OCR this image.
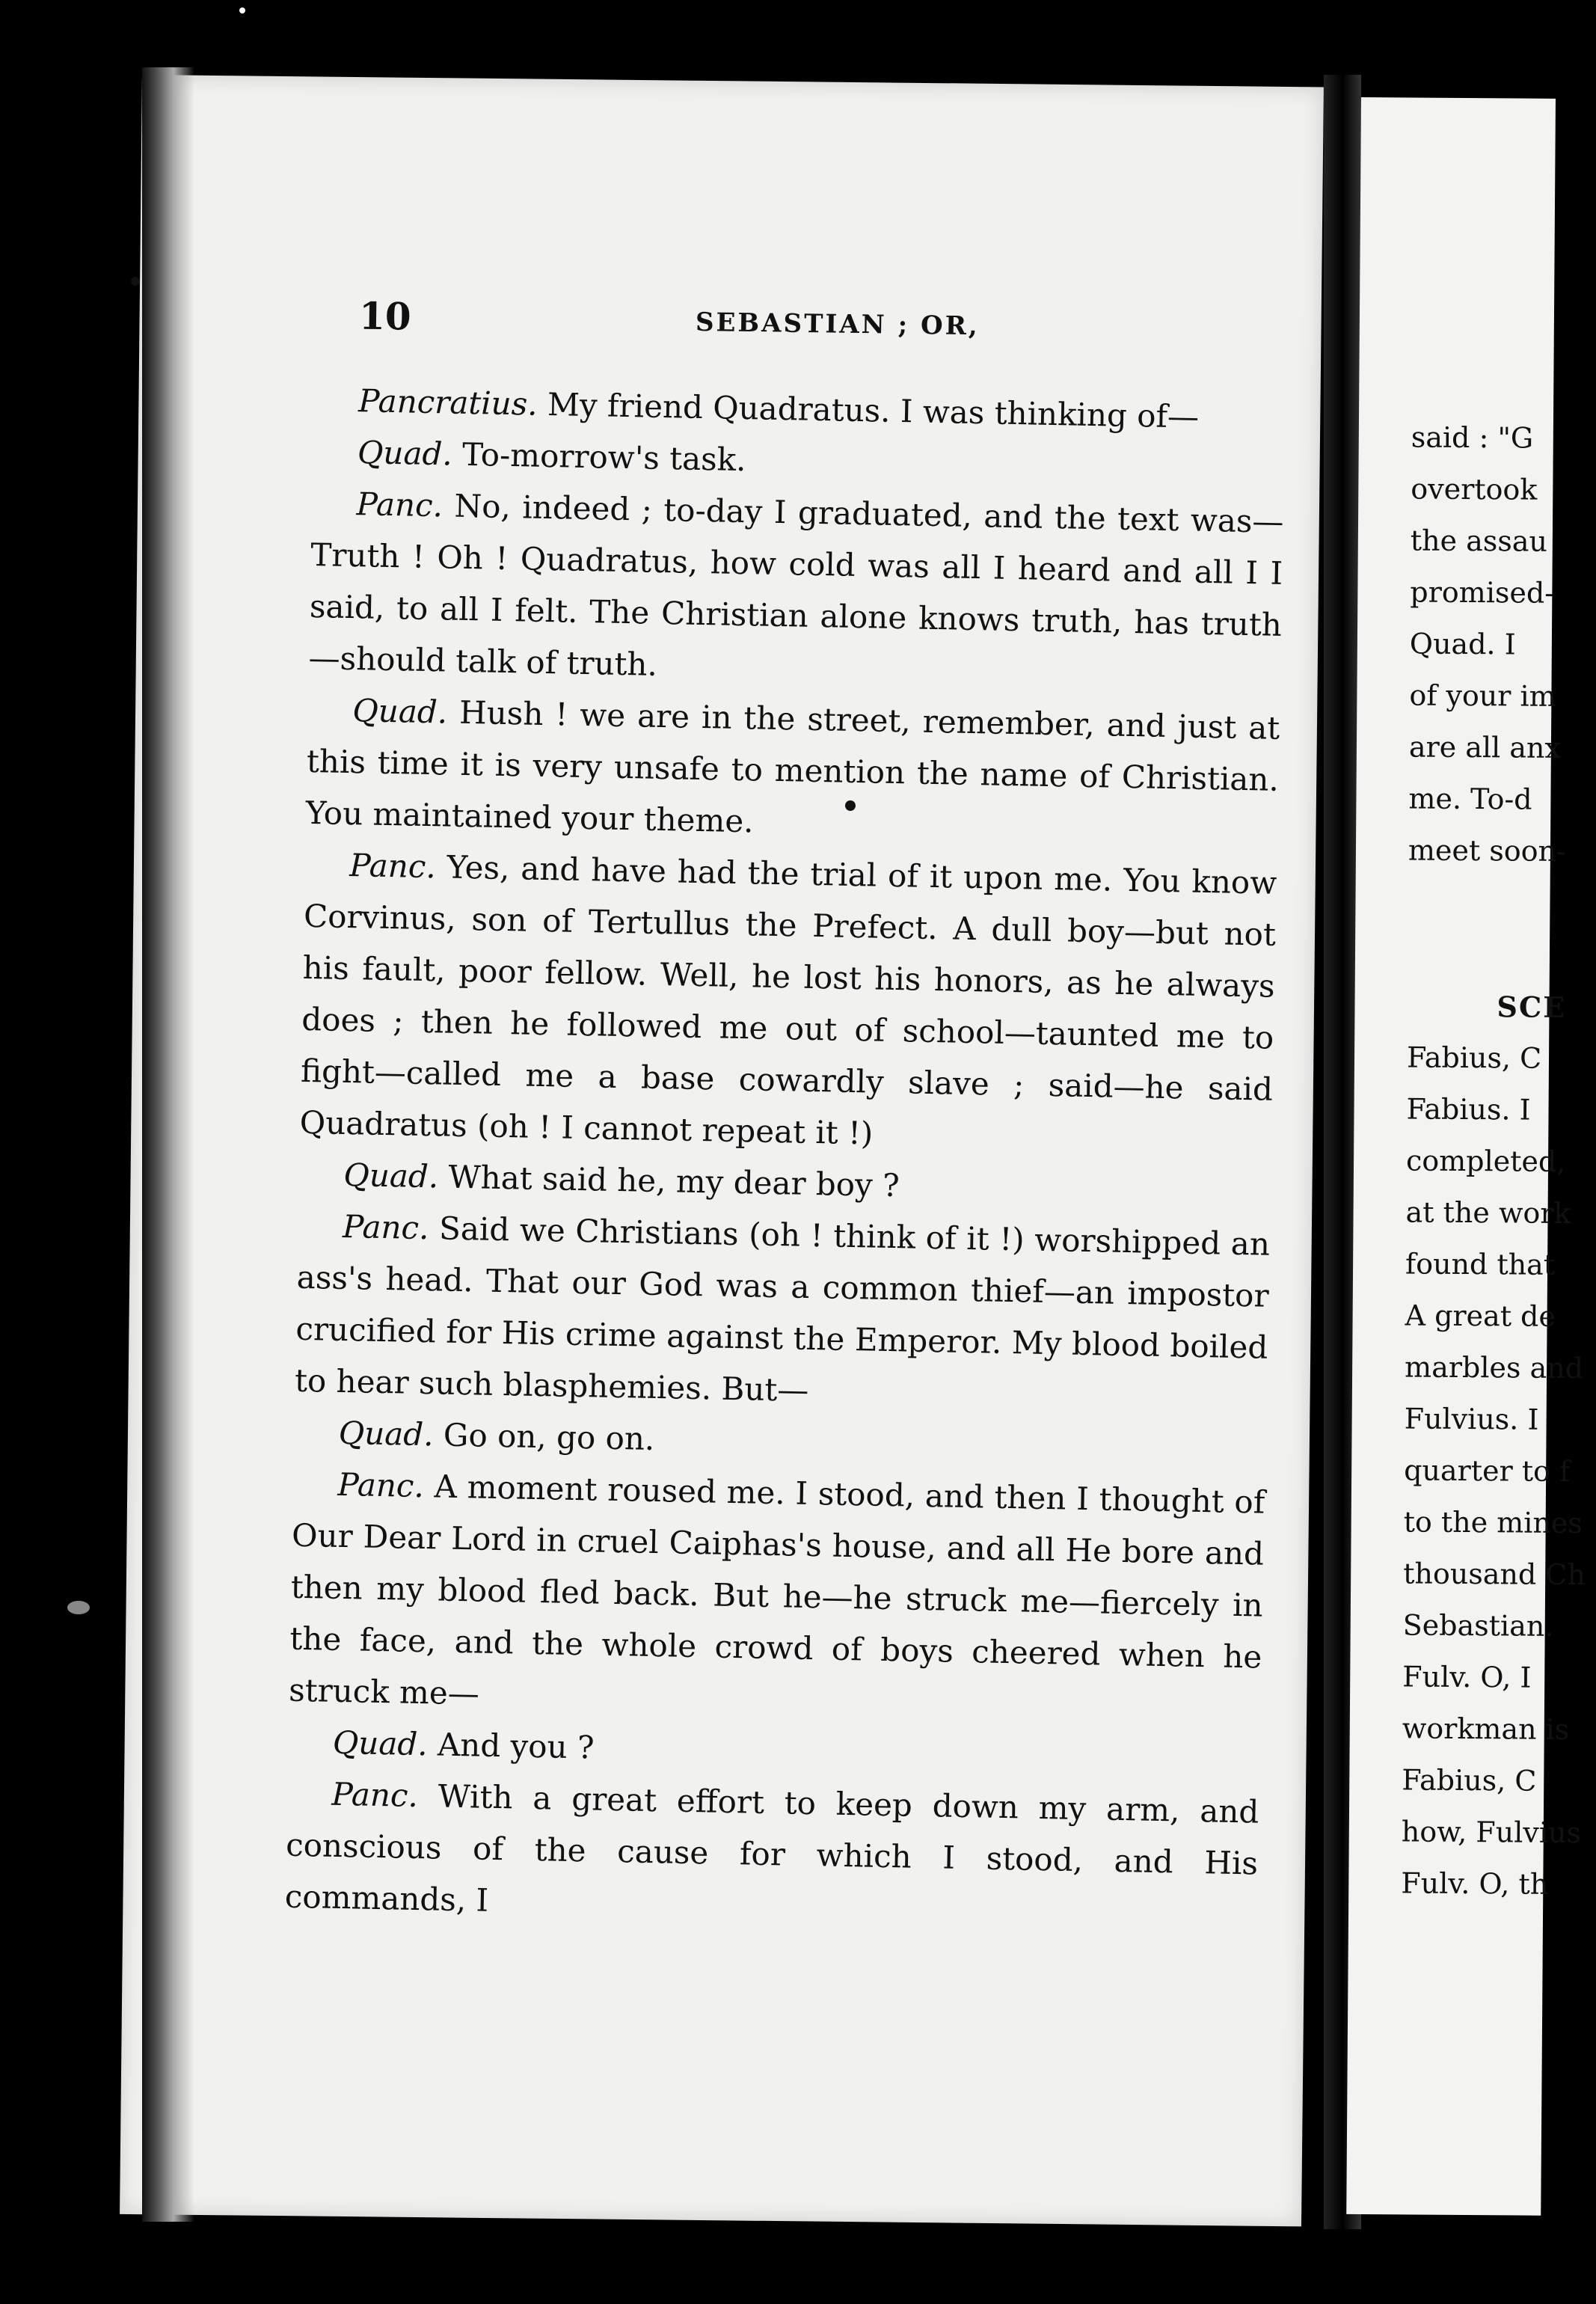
10	SEBASTIAN ; OR,

Pancratius. My friend Quadratus. I was thinking of—

Quad. To-morrow's task.

Panc. No, indeed ; to-day I graduated, and the text was—Truth ! Oh ! Quadratus, how cold was all I heard and all I I said, to all I felt. The Christian alone knows truth, has truth —should talk of truth.

Quad. Hush ! we are in the street, remember, and just at this time it is very unsafe to mention the name of Christian. You maintained your theme.

Panc. Yes, and have had the trial of it upon me. You know Corvinus, son of Tertullus the Prefect. A dull boy—but not his fault, poor fellow. Well, he lost his honors, as he always does ; then he followed me out of school—taunted me to fight—called me a base cowardly slave ; said—he said Quadratus (oh ! I cannot repeat it !)

Quad. What said he, my dear boy ?

Panc. Said we Christians (oh ! think of it !) worshipped an ass's head. That our God was a common thief—an impostor crucified for His crime against the Emperor. My blood boiled to hear such blasphemies. But—

Quad. Go on, go on.

Panc. A moment roused me. I stood, and then I thought of Our Dear Lord in cruel Caiphas's house, and all He bore and then my blood fled back. But he—he struck me—fiercely in the face, and the whole crowd of boys cheered when he struck me—

Quad. And you ?

Panc. With a great effort to keep down my arm, and conscious of the cause for which I stood, and His commands, I

said : "G
overtook
the assau
promised-
Quad. I
of your im
are all anx
me. To-d
meet soon-
SCE
Fabius, C
Fabius. I
completed,
at the work
found that
A great de
marbles and
Fulvius. I
quarter to f
to the mines
thousand Ch
Sebastian.
Fulv. O, I
workman is
Fabius, C
how, Fulvius
Fulv. O, th
